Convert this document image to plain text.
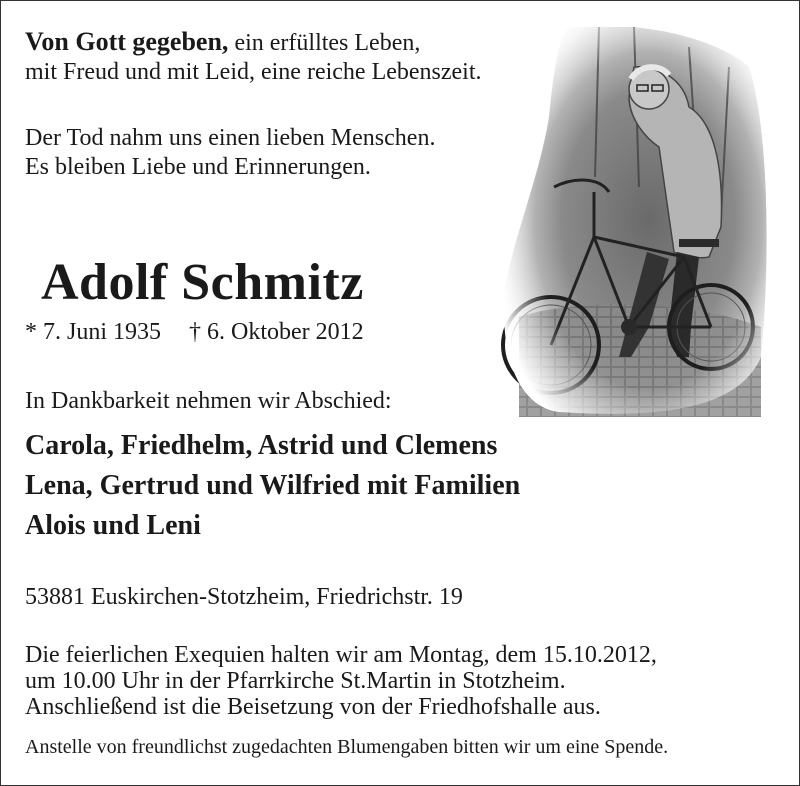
Von Gott gegeben, ein erfülltes Leben,
mit Freud und mit Leid, eine reiche Lebenszeit.
Der Tod nahm uns einen lieben Menschen.
Es bleiben Liebe und Erinnerungen.
Adolf Schmitz
* 7. Juni 1935 † 6. Oktober 2012
In Dankbarkeit nehmen wir Abschied:
Carola, Friedhelm, Astrid und Clemens
Lena, Gertrud und Wilfried mit Familien
Alois und Leni
53881 Euskirchen-Stotzheim, Friedrichstr. 19
Die feierlichen Exequien halten wir am Montag, dem 15.10.2012,
um 10.00 Uhr in der Pfarrkirche St.Martin in Stotzheim.
Anschließend ist die Beisetzung von der Friedhofshalle aus.
Anstelle von freundlichst zugedachten Blumengaben bitten wir um eine Spende.
